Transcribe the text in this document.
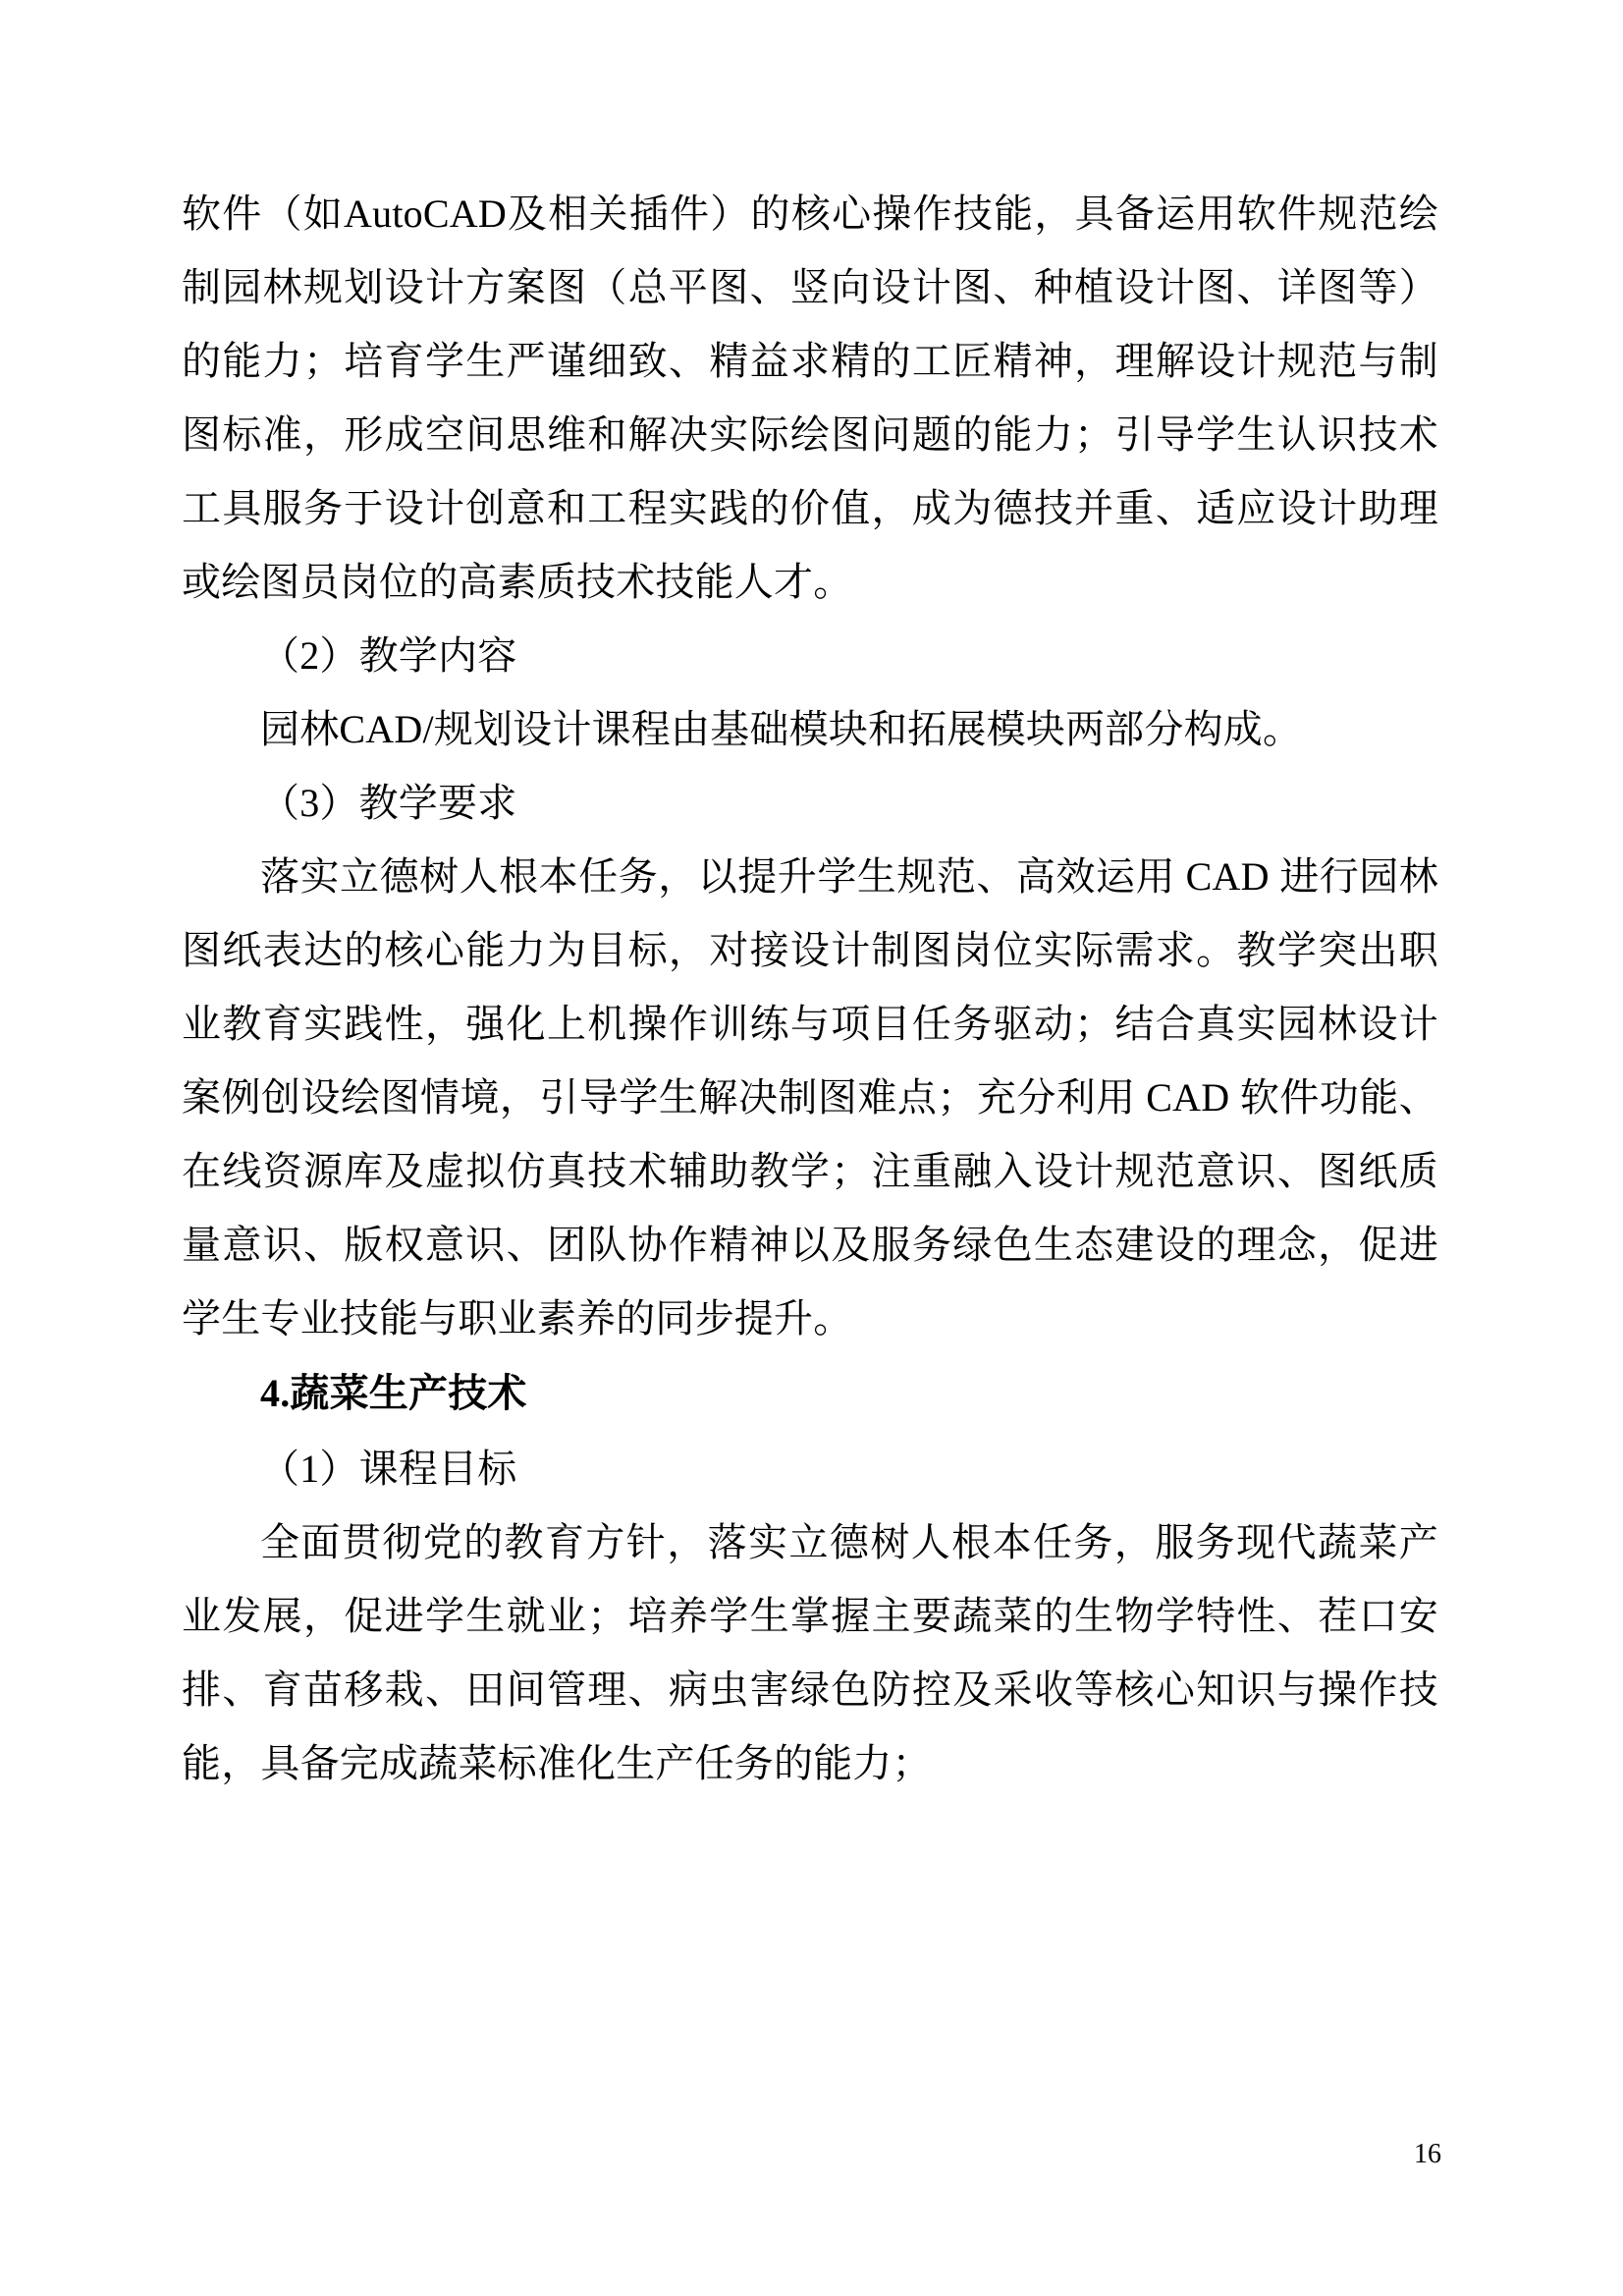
软件（如AutoCAD及相关插件）的核心操作技能，具备运用软件规范绘制园林规划设计方案图（总平图、竖向设计图、种植设计图、详图等）的能力；培育学生严谨细致、精益求精的工匠精神，理解设计规范与制图标准，形成空间思维和解决实际绘图问题的能力；引导学生认识技术工具服务于设计创意和工程实践的价值，成为德技并重、适应设计助理或绘图员岗位的高素质技术技能人才。

（2）教学内容

园林CAD/规划设计课程由基础模块和拓展模块两部分构成。

（3）教学要求

落实立德树人根本任务，以提升学生规范、高效运用 CAD 进行园林图纸表达的核心能力为目标，对接设计制图岗位实际需求。教学突出职业教育实践性，强化上机操作训练与项目任务驱动；结合真实园林设计案例创设绘图情境，引导学生解决制图难点；充分利用 CAD 软件功能、在线资源库及虚拟仿真技术辅助教学；注重融入设计规范意识、图纸质量意识、版权意识、团队协作精神以及服务绿色生态建设的理念，促进学生专业技能与职业素养的同步提升。

4.蔬菜生产技术

（1）课程目标

全面贯彻党的教育方针，落实立德树人根本任务，服务现代蔬菜产业发展，促进学生就业；培养学生掌握主要蔬菜的生物学特性、茬口安排、育苗移栽、田间管理、病虫害绿色防控及采收等核心知识与操作技能，具备完成蔬菜标准化生产任务的能力；

16
